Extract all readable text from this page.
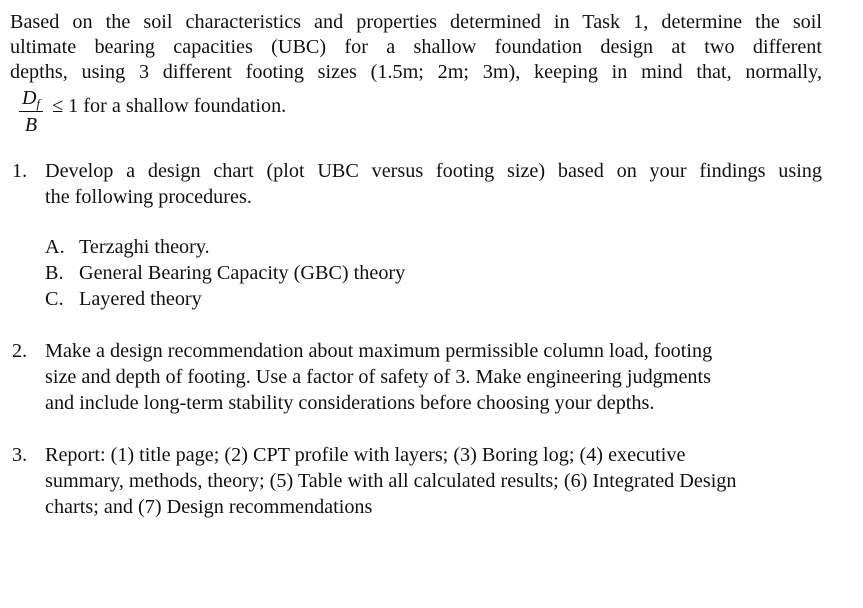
Based on the soil characteristics and properties determined in Task 1, determine the soil
ultimate bearing capacities (UBC) for a shallow foundation design at two different
depths, using 3 different footing sizes (1.5m; 2m; 3m), keeping in mind that, normally,
$D_f$
B
≤ 1 for a shallow foundation.
1. Develop a design chart (plot UBC versus footing size) based on your findings using
the following procedures.
A. Terzaghi theory.
B. General Bearing Capacity (GBC) theory
C. Layered theory
2. Make a design recommendation about maximum permissible column load, footing
size and depth of footing. Use a factor of safety of 3. Make engineering judgments
and include long-term stability considerations before choosing your depths.
3. Report: (1) title page; (2) CPT profile with layers; (3) Boring log; (4) executive
summary, methods, theory; (5) Table with all calculated results; (6) Integrated Design
charts; and (7) Design recommendations
